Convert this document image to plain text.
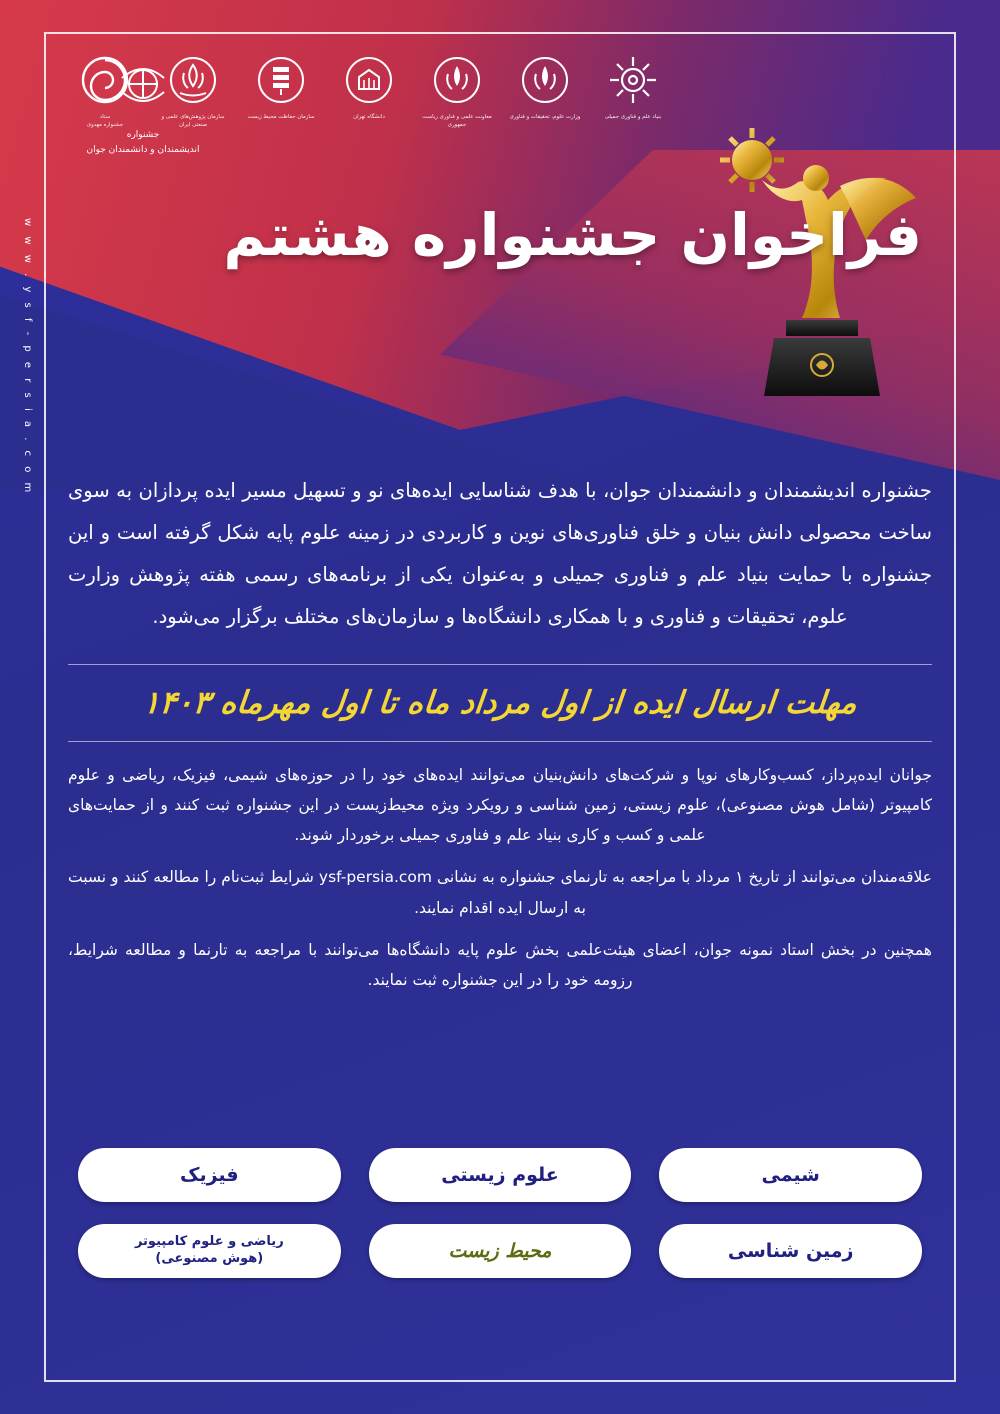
ستاد
جشنواره مهدوی
سازمان پژوهش‌های علمی و صنعتی ایران
سازمان حفاظت محیط زیست	دانشگاه تهران	معاونت علمی و فناوری ریاست جمهوری
وزارت علوم، تحقیقات و فناوری	بنیاد علم و فناوری جمیلی
جشنواره
اندیشمندان و دانشمندان جوان
فراخوان جشنواره هشتم
w w w . y s f - p e r s i a . c o m جشنواره اندیشمندان و دانشمندان جوان، با هدف شناسایی ایده‌های نو و تسهیل مسیر ایده پردازان به سوی ساخت محصولی دانش بنیان و خلق فناوری‌های نوین و کاربردی در زمینه علوم پایه شکل گرفته است و این جشنواره با حمایت بنیاد علم و فناوری جمیلی و به‌عنوان یکی از برنامه‌های رسمی هفته پژوهش وزارت علوم، تحقیقات و فناوری و با همکاری دانشگاه‌ها و سازمان‌های مختلف برگزار می‌شود.

مهلت ارسال ایده از اول مرداد ماه تا اول مهرماه ۱۴۰۳

جوانان ایده‌پرداز، کسب‌وکارهای نوپا و شرکت‌های دانش‌بنیان می‌توانند ایده‌های خود را در حوزه‌های شیمی، فیزیک، ریاضی و علوم کامپیوتر (شامل هوش مصنوعی)، علوم زیستی، زمین شناسی و رویکرد ویژه محیط‌زیست در این جشنواره ثبت کنند و از حمایت‌های علمی و کسب و کاری بنیاد علم و فناوری جمیلی برخوردار شوند.

علاقه‌مندان می‌توانند از تاریخ ۱ مرداد با مراجعه به تارنمای جشنواره به نشانی ysf-persia.com شرایط ثبت‌نام را مطالعه کنند و نسبت به ارسال ایده اقدام نمایند.

همچنین در بخش استاد نمونه جوان، اعضای هیئت‌علمی بخش علوم پایه دانشگاه‌ها می‌توانند با مراجعه به تارنما و مطالعه شرایط، رزومه خود را در این جشنواره ثبت نمایند.

شیمی
علوم زیستی
فیزیک
زمین شناسی
محیط زیست
ریاضی و علوم کامپیوتر
(هوش مصنوعی)
